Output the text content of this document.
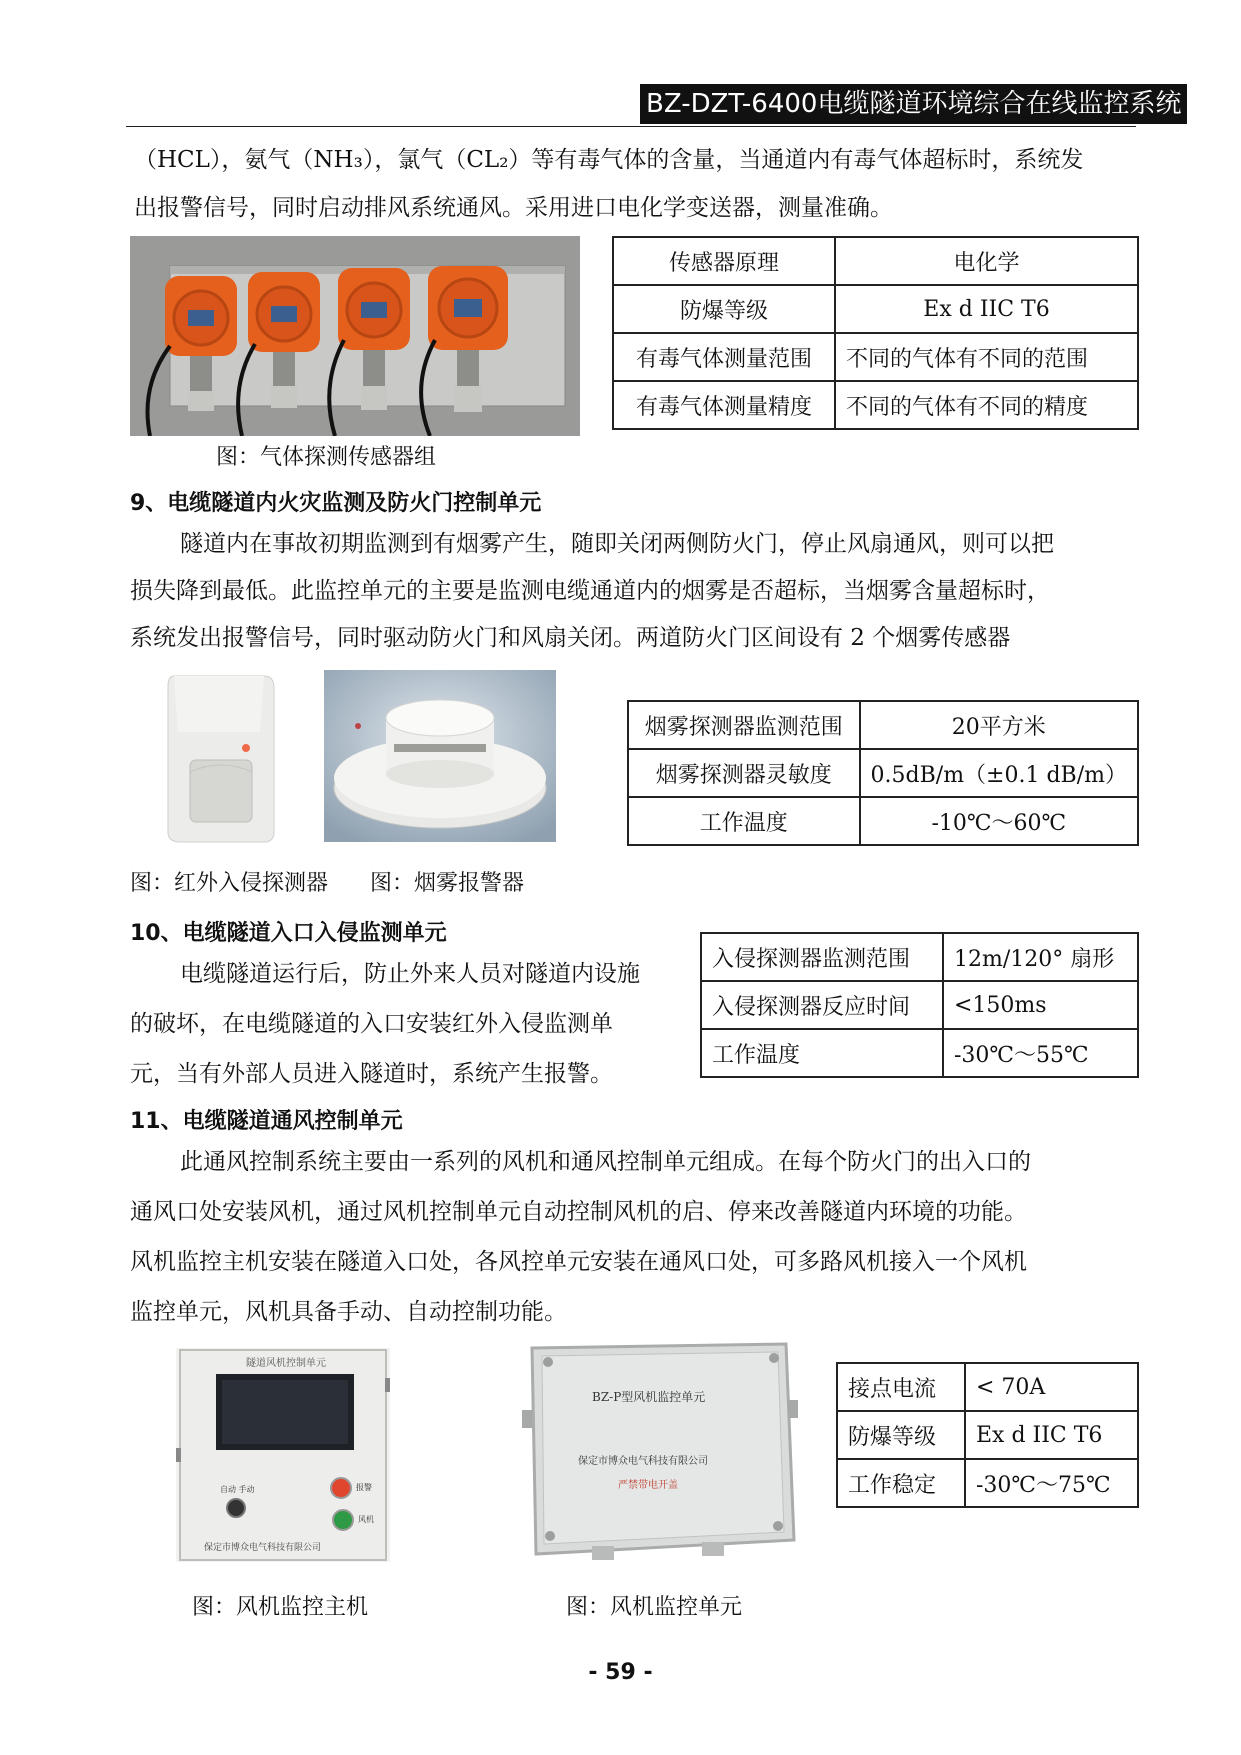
BZ-DZT-6400电缆隧道环境综合在线监控系统
（HCL），氨气（NH₃），氯气（CL₂）等有毒气体的含量，当通道内有毒气体超标时，系统发
出报警信号，同时启动排风系统通风。采用进口电化学变送器，测量准确。
图：气体探测传感器组
传感器原理	电化学
防爆等级	Ex d IIC T6
有毒气体测量范围	不同的气体有不同的范围
有毒气体测量精度	不同的气体有不同的精度
9、电缆隧道内火灾监测及防火门控制单元
隧道内在事故初期监测到有烟雾产生，随即关闭两侧防火门，停止风扇通风，则可以把
损失降到最低。此监控单元的主要是监测电缆通道内的烟雾是否超标，当烟雾含量超标时，
系统发出报警信号，同时驱动防火门和风扇关闭。两道防火门区间设有 2 个烟雾传感器
图：红外入侵探测器 图：烟雾报警器
烟雾探测器监测范围	20平方米
烟雾探测器灵敏度	0.5dB/m（±0.1 dB/m）
工作温度	-10℃～60℃
10、电缆隧道入口入侵监测单元
电缆隧道运行后，防止外来人员对隧道内设施
的破坏，在电缆隧道的入口安装红外入侵监测单
元，当有外部人员进入隧道时，系统产生报警。
入侵探测器监测范围	12m/120° 扇形
入侵探测器反应时间	<150ms
工作温度	-30℃～55℃
11、电缆隧道通风控制单元
此通风控制系统主要由一系列的风机和通风控制单元组成。在每个防火门的出入口的
通风口处安装风机，通过风机控制单元自动控制风机的启、停来改善隧道内环境的功能。
风机监控主机安装在隧道入口处，各风控单元安装在通风口处，可多路风机接入一个风机
监控单元，风机具备手动、自动控制功能。
隧道风机控制单元
自动 手动	报警
风机
保定市博众电气科技有限公司
BZ-P型风机监控单元
保定市博众电气科技有限公司
严禁带电开盖
图：风机监控主机	图：风机监控单元
接点电流	< 70A
防爆等级	Ex d IIC T6
工作稳定	-30℃～75℃
- 59 -
